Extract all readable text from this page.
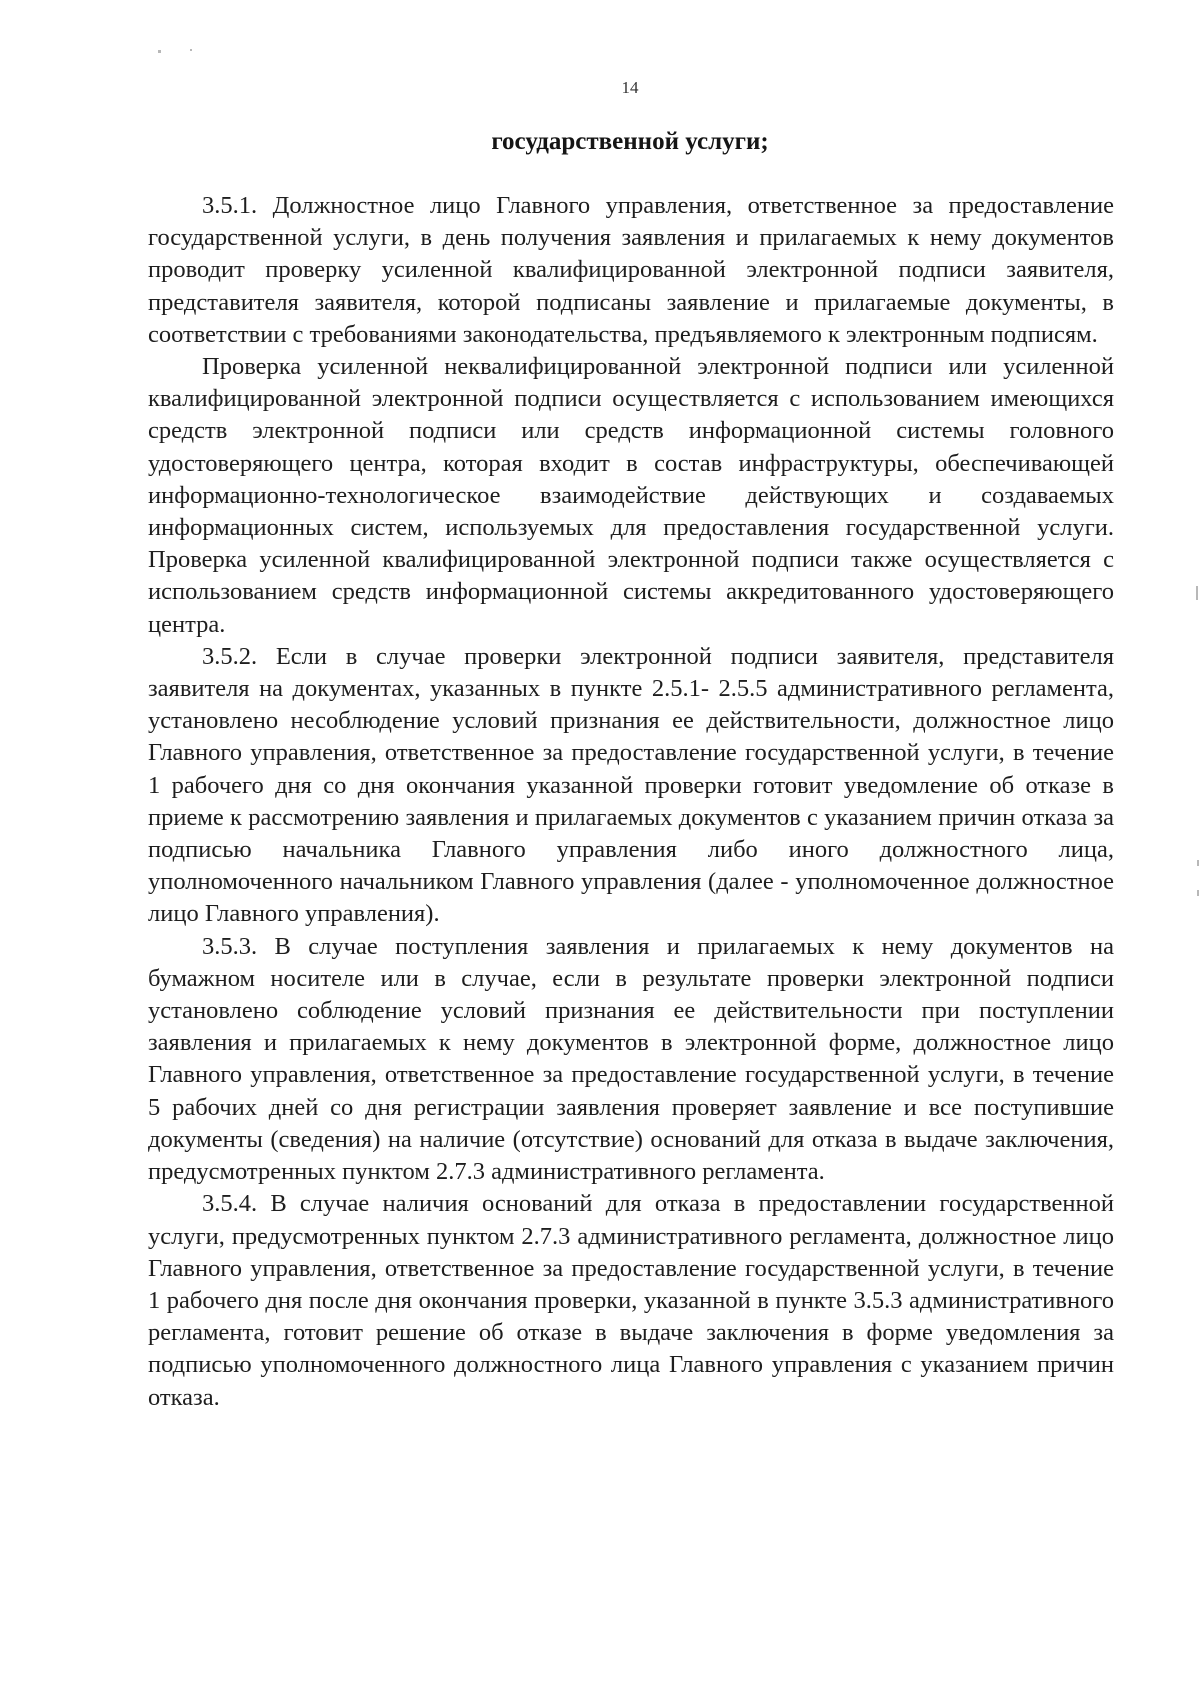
14
государственной услуги;

3.5.1. Должностное лицо Главного управления, ответственное за предоставление государственной услуги, в день получения заявления и прилагаемых к нему документов проводит проверку усиленной квалифицированной электронной подписи заявителя, представителя заявителя, которой подписаны заявление и прилагаемые документы, в соответствии с требованиями законодательства, предъявляемого к электронным подписям.

Проверка усиленной неквалифицированной электронной подписи или усиленной квалифицированной электронной подписи осуществляется с использованием имеющихся средств электронной подписи или средств информационной системы головного удостоверяющего центра, которая входит в состав инфраструктуры, обеспечивающей информационно-технологическое взаимодействие действующих и создаваемых информационных систем, используемых для предоставления государственной услуги. Проверка усиленной квалифицированной электронной подписи также осуществляется с использованием средств информационной системы аккредитованного удостоверяющего центра.

3.5.2. Если в случае проверки электронной подписи заявителя, представителя заявителя на документах, указанных в пункте 2.5.1- 2.5.5 административного регламента, установлено несоблюдение условий признания ее действительности, должностное лицо Главного управления, ответственное за предоставление государственной услуги, в течение 1 рабочего дня со дня окончания указанной проверки готовит уведомление об отказе в приеме к рассмотрению заявления и прилагаемых документов с указанием причин отказа за подписью начальника Главного управления либо иного должностного лица, уполномоченного начальником Главного управления (далее - уполномоченное должностное лицо Главного управления).

3.5.3. В случае поступления заявления и прилагаемых к нему документов на бумажном носителе или в случае, если в результате проверки электронной подписи установлено соблюдение условий признания ее действительности при поступлении заявления и прилагаемых к нему документов в электронной форме, должностное лицо Главного управления, ответственное за предоставление государственной услуги, в течение 5 рабочих дней со дня регистрации заявления проверяет заявление и все поступившие документы (сведения) на наличие (отсутствие) оснований для отказа в выдаче заключения, предусмотренных пунктом 2.7.3 административного регламента.

3.5.4. В случае наличия оснований для отказа в предоставлении государственной услуги, предусмотренных пунктом 2.7.3 административного регламента, должностное лицо Главного управления, ответственное за предоставление государственной услуги, в течение 1 рабочего дня после дня окончания проверки, указанной в пункте 3.5.3 административного регламента, готовит решение об отказе в выдаче заключения в форме уведомления за подписью уполномоченного должностного лица Главного управления с указанием причин отказа.
